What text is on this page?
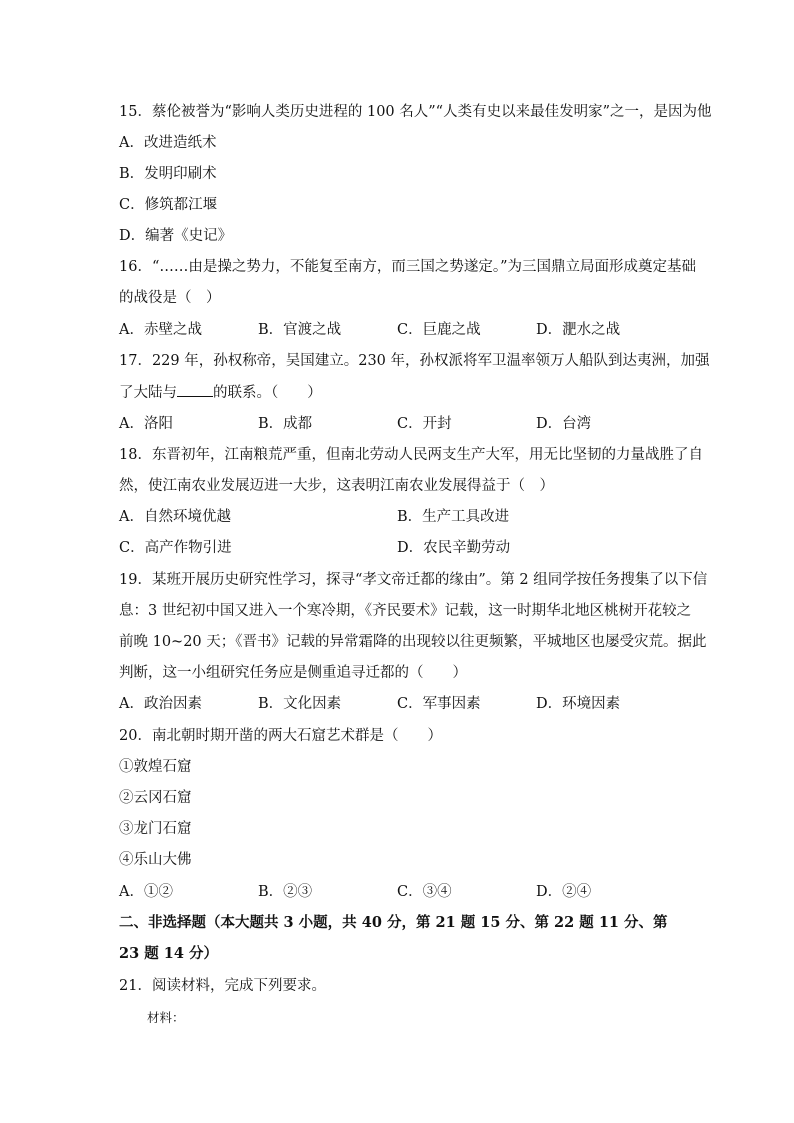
15．蔡伦被誉为“影响人类历史进程的 100 名人”“人类有史以来最佳发明家”之一，是因为他
A．改进造纸术
B．发明印刷术
C．修筑都江堰
D．编著《史记》
16．“……由是操之势力，不能复至南方，而三国之势遂定。”为三国鼎立局面形成奠定基础
的战役是（　）
A．赤壁之战	B．官渡之战	C．巨鹿之战	D．淝水之战
17．229 年，孙权称帝，吴国建立。230 年，孙权派将军卫温率领万人船队到达夷洲，加强
了大陆与 的联系。（　　）
A．洛阳	B．成都	C．开封	D．台湾
18．东晋初年，江南粮荒严重，但南北劳动人民两支生产大军，用无比坚韧的力量战胜了自
然，使江南农业发展迈进一大步，这表明江南农业发展得益于（　）
A．自然环境优越	B．生产工具改进
C．高产作物引进	D．农民辛勤劳动
19．某班开展历史研究性学习，探寻“孝文帝迁都的缘由”。第 2 组同学按任务搜集了以下信
息：3 世纪初中国又进入一个寒冷期，《齐民要术》记载，这一时期华北地区桃树开花较之
前晚 10~20 天；《晋书》记载的异常霜降的出现较以往更频繁，平城地区也屡受灾荒。据此
判断，这一小组研究任务应是侧重追寻迁都的（　　）
A．政治因素	B．文化因素	C．军事因素	D．环境因素
20．南北朝时期开凿的两大石窟艺术群是（　　）
①敦煌石窟
②云冈石窟
③龙门石窟
④乐山大佛
A．①②	B．②③	C．③④	D．②④
二、非选择题（本大题共 3 小题，共 40 分，第 21 题 15 分、第 22 题 11 分、第
23 题 14 分）
21．阅读材料，完成下列要求。
材料：
